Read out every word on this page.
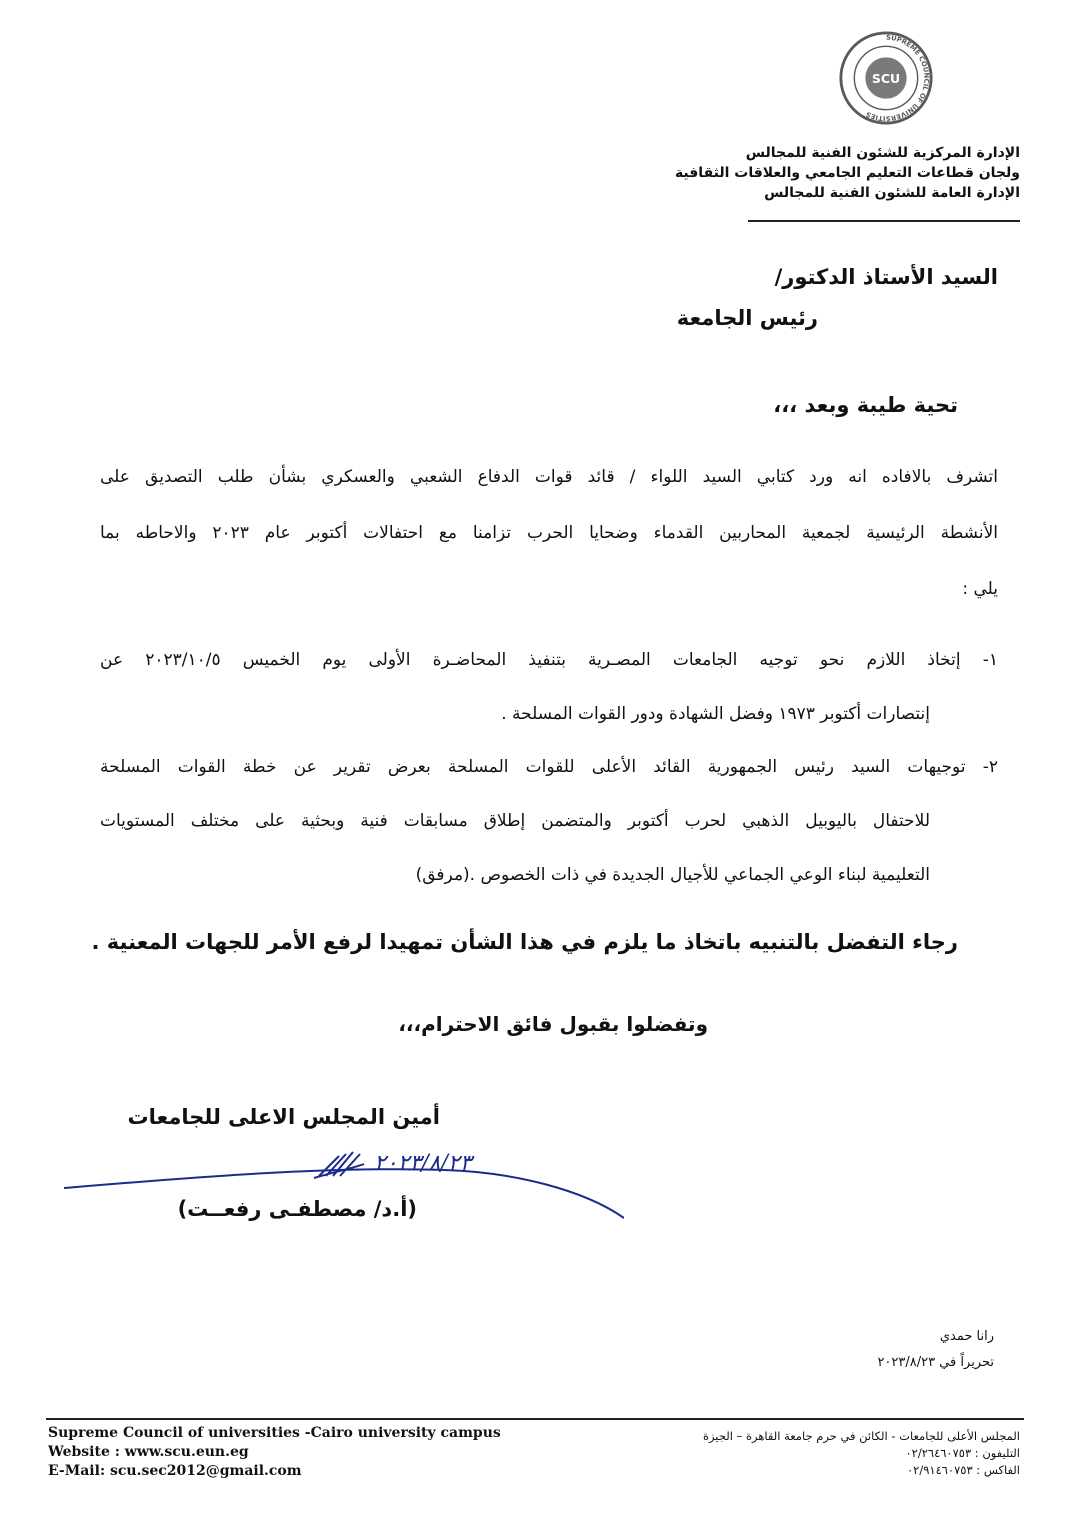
SUPREME COUNCIL OF UNIVERSITIES
SCU
الإدارة المركزية للشئون الفنية للمجالس
ولجان قطاعات التعليم الجامعي والعلاقات الثقافية
الإدارة العامة للشئون الفنية للمجالس
السيد الأستاذ الدكتور/
رئيس الجامعة
تحية طيبة وبعد ،،،
اتشرف بالافاده انه ورد كتابي السيد اللواء / قائد قوات الدفاع الشعبي والعسكري بشأن طلب التصديق على
الأنشطة الرئيسية لجمعية المحاربين القدماء وضحايا الحرب تزامنا مع احتفالات أكتوبر عام ٢٠٢٣ والاحاطه بما
يلي :
١- إتخاذ اللازم نحو توجيه الجامعات المصـرية بتنفيذ المحاضـرة الأولى يوم الخميس ٢٠٢٣/١٠/٥ عن
إنتصارات أكتوبر ١٩٧٣ وفضل الشهادة ودور القوات المسلحة .
٢- توجيهات السيد رئيس الجمهورية القائد الأعلى للقوات المسلحة بعرض تقرير عن خطة القوات المسلحة
للاحتفال باليوبيل الذهبي لحرب أكتوبر والمتضمن إطلاق مسابقات فنية وبحثية على مختلف المستويات
التعليمية لبناء الوعي الجماعي للأجيال الجديدة في ذات الخصوص .(مرفق)
رجاء التفضل بالتنبيه باتخاذ ما يلزم في هذا الشأن تمهيدا لرفع الأمر للجهات المعنية .
وتفضلوا بقبول فائق الاحترام،،،
أمين المجلس الاعلى للجامعات
٢٠٢٣/٨/٢٣
(أ.د/ مصطفـى رفعــت)
رانا حمدي
تحريراً في ٢٠٢٣/٨/٢٣
Supreme Council of universities -Cairo university campus
Website : www.scu.eun.eg
E-Mail: scu.sec2012@gmail.com
المجلس الأعلى للجامعات - الكائن في حرم جامعة القاهرة – الجيزة
التليفون : ٠٢/٢٦٤٦٠٧٥٣
الفاكس : ٠٢/٩١٤٦٠٧٥٣
